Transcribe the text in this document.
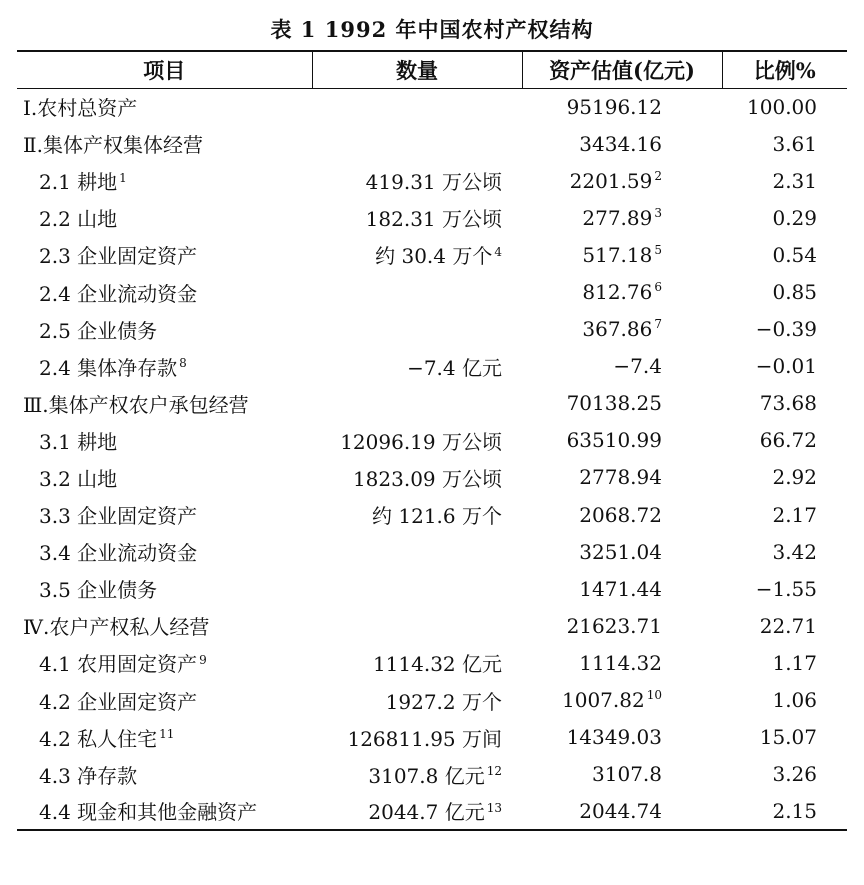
表 1 1992 年中国农村产权结构
项目	数量	资产估值(亿元)	比例%
Ⅰ.农村总资产		95196.12	100.00
Ⅱ.集体产权集体经营		3434.16	3.61
2.1 耕地 $^1$	419.31 万公顷	2201.59 $^2$	2.31
2.2 山地	182.31 万公顷	277.89 $^3$	0.29
2.3 企业固定资产	约 30.4 万个 $^4$	517.18 $^5$	0.54
2.4 企业流动资金		812.76 $^6$	0.85
2.5 企业债务		367.86 $^7$	−0.39
2.4 集体净存款 $^8$	−7.4 亿元	−7.4	−0.01
Ⅲ.集体产权农户承包经营		70138.25	73.68
3.1 耕地	12096.19 万公顷	63510.99	66.72
3.2 山地	1823.09 万公顷	2778.94	2.92
3.3 企业固定资产	约 121.6 万个	2068.72	2.17
3.4 企业流动资金		3251.04	3.42
3.5 企业债务		1471.44	−1.55
Ⅳ.农户产权私人经营		21623.71	22.71
4.1 农用固定资产 $^9$	1114.32 亿元	1114.32	1.17
4.2 企业固定资产	1927.2 万个	1007.82 $^{10}$	1.06
4.2 私人住宅 $^{11}$	126811.95 万间	14349.03	15.07
4.3 净存款	3107.8 亿元 $^{12}$	3107.8	3.26
4.4 现金和其他金融资产	2044.7 亿元 $^{13}$	2044.74	2.15
